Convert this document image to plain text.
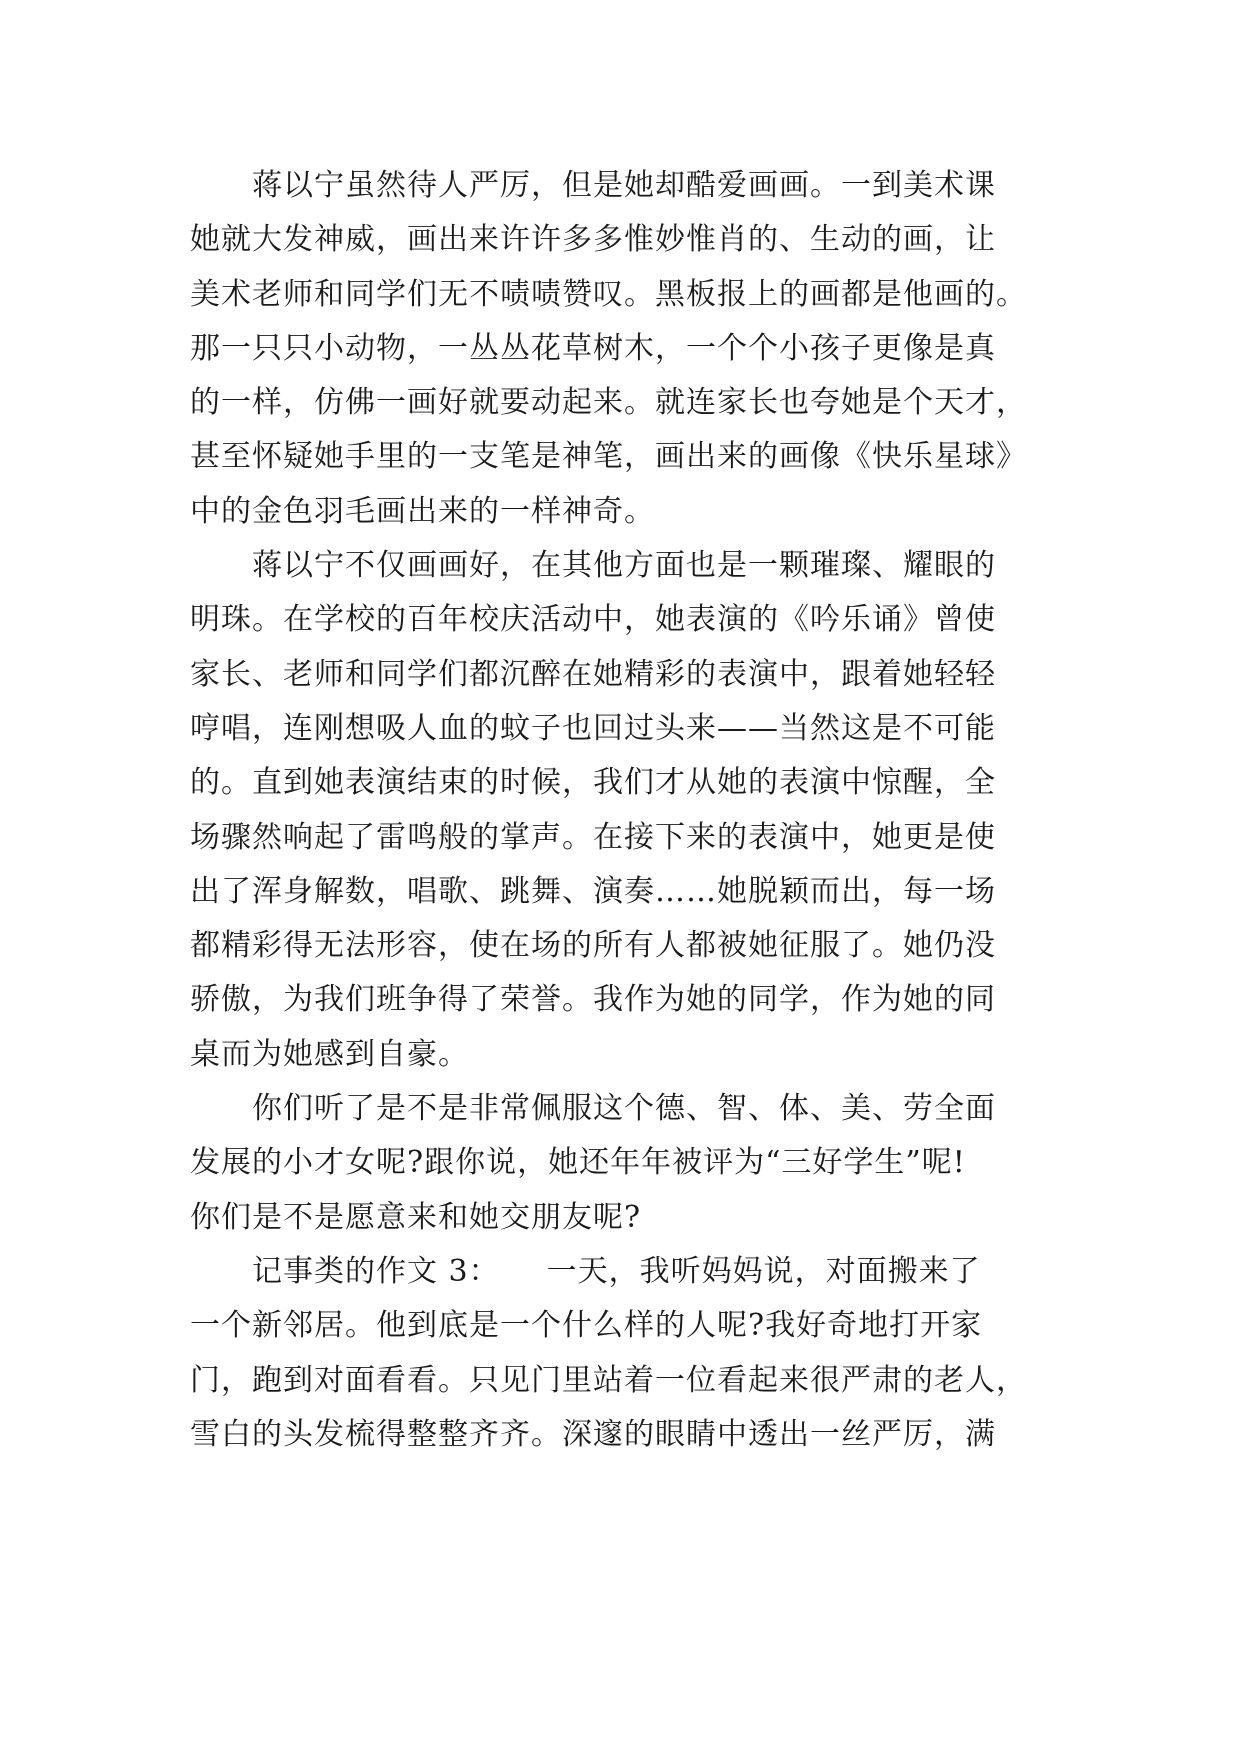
　　蒋以宁虽然待人严厉，但是她却酷爱画画。一到美术课
她就大发神威，画出来许许多多惟妙惟肖的、生动的画，让
美术老师和同学们无不啧啧赞叹。黑板报上的画都是他画的。
那一只只小动物，一丛丛花草树木，一个个小孩子更像是真
的一样，仿佛一画好就要动起来。就连家长也夸她是个天才，
甚至怀疑她手里的一支笔是神笔，画出来的画像《快乐星球》
中的金色羽毛画出来的一样神奇。
　　蒋以宁不仅画画好，在其他方面也是一颗璀璨、耀眼的
明珠。在学校的百年校庆活动中，她表演的《吟乐诵》曾使
家长、老师和同学们都沉醉在她精彩的表演中，跟着她轻轻
哼唱，连刚想吸人血的蚊子也回过头来——当然这是不可能
的。直到她表演结束的时候，我们才从她的表演中惊醒，全
场骤然响起了雷鸣般的掌声。在接下来的表演中，她更是使
出了浑身解数，唱歌、跳舞、演奏……她脱颖而出，每一场
都精彩得无法形容，使在场的所有人都被她征服了。她仍没
骄傲，为我们班争得了荣誉。我作为她的同学，作为她的同
桌而为她感到自豪。
　　你们听了是不是非常佩服这个德、智、体、美、劳全面
发展的小才女呢?跟你说，她还年年被评为“三好学生”呢!
你们是不是愿意来和她交朋友呢?
　　记事类的作文 3：　　一天，我听妈妈说，对面搬来了
一个新邻居。他到底是一个什么样的人呢?我好奇地打开家
门，跑到对面看看。只见门里站着一位看起来很严肃的老人，
雪白的头发梳得整整齐齐。深邃的眼睛中透出一丝严厉，满
